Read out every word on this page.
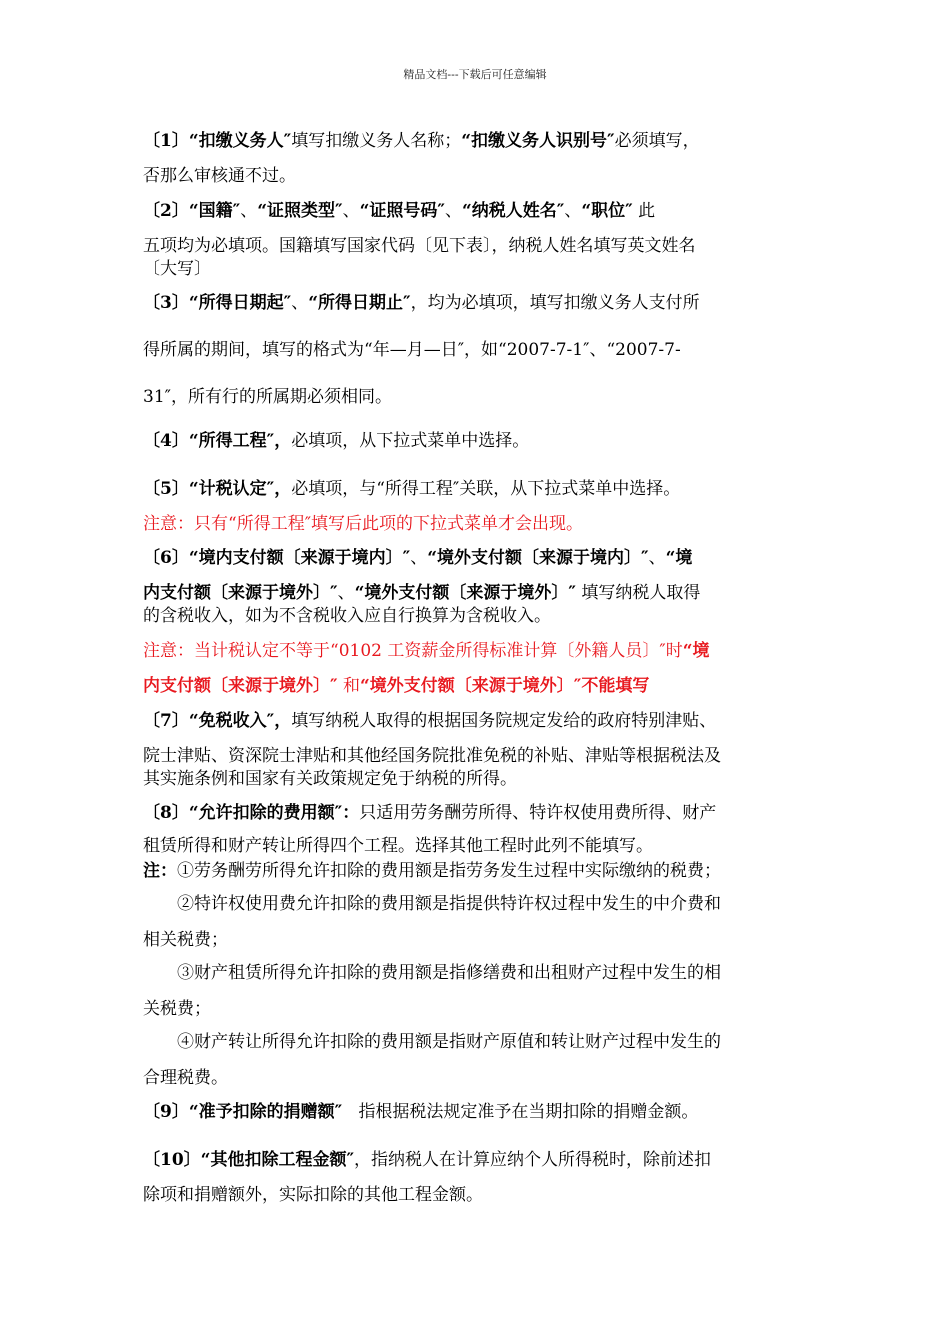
精品文档---下载后可任意编辑
〔1〕“扣缴义务人″填写扣缴义务人名称；“扣缴义务人识别号″必须填写，
否那么审核通不过。
〔2〕“国籍″、“证照类型″、“证照号码″、“纳税人姓名″、“职位″ 此
五项均为必填项。国籍填写国家代码〔见下表〕，纳税人姓名填写英文姓名
〔大写〕
〔3〕“所得日期起″、“所得日期止″，均为必填项，填写扣缴义务人支付所
得所属的期间，填写的格式为“年—月—日″，如“2007-7-1″、“2007-7-
31″，所有行的所属期必须相同。
〔4〕“所得工程″，必填项，从下拉式菜单中选择。
〔5〕“计税认定″，必填项，与“所得工程″关联，从下拉式菜单中选择。
注意：只有“所得工程″填写后此项的下拉式菜单才会出现。
〔6〕“境内支付额〔来源于境内〕″、“境外支付额〔来源于境内〕″、“境
内支付额〔来源于境外〕″、“境外支付额〔来源于境外〕″ 填写纳税人取得
的含税收入，如为不含税收入应自行换算为含税收入。
注意：当计税认定不等于“0102 工资薪金所得标准计算〔外籍人员〕″时“境
内支付额〔来源于境外〕″ 和“境外支付额〔来源于境外〕″不能填写
〔7〕“免税收入″，填写纳税人取得的根据国务院规定发给的政府特别津贴、
院士津贴、资深院士津贴和其他经国务院批准免税的补贴、津贴等根据税法及
其实施条例和国家有关政策规定免于纳税的所得。
〔8〕“允许扣除的费用额″：只适用劳务酬劳所得、特许权使用费所得、财产
租赁所得和财产转让所得四个工程。选择其他工程时此列不能填写。
注：①劳务酬劳所得允许扣除的费用额是指劳务发生过程中实际缴纳的税费；
②特许权使用费允许扣除的费用额是指提供特许权过程中发生的中介费和
相关税费；
③财产租赁所得允许扣除的费用额是指修缮费和出租财产过程中发生的相
关税费；
④财产转让所得允许扣除的费用额是指财产原值和转让财产过程中发生的
合理税费。
〔9〕“准予扣除的捐赠额″ 指根据税法规定准予在当期扣除的捐赠金额。
〔10〕“其他扣除工程金额″，指纳税人在计算应纳个人所得税时，除前述扣
除项和捐赠额外，实际扣除的其他工程金额。
